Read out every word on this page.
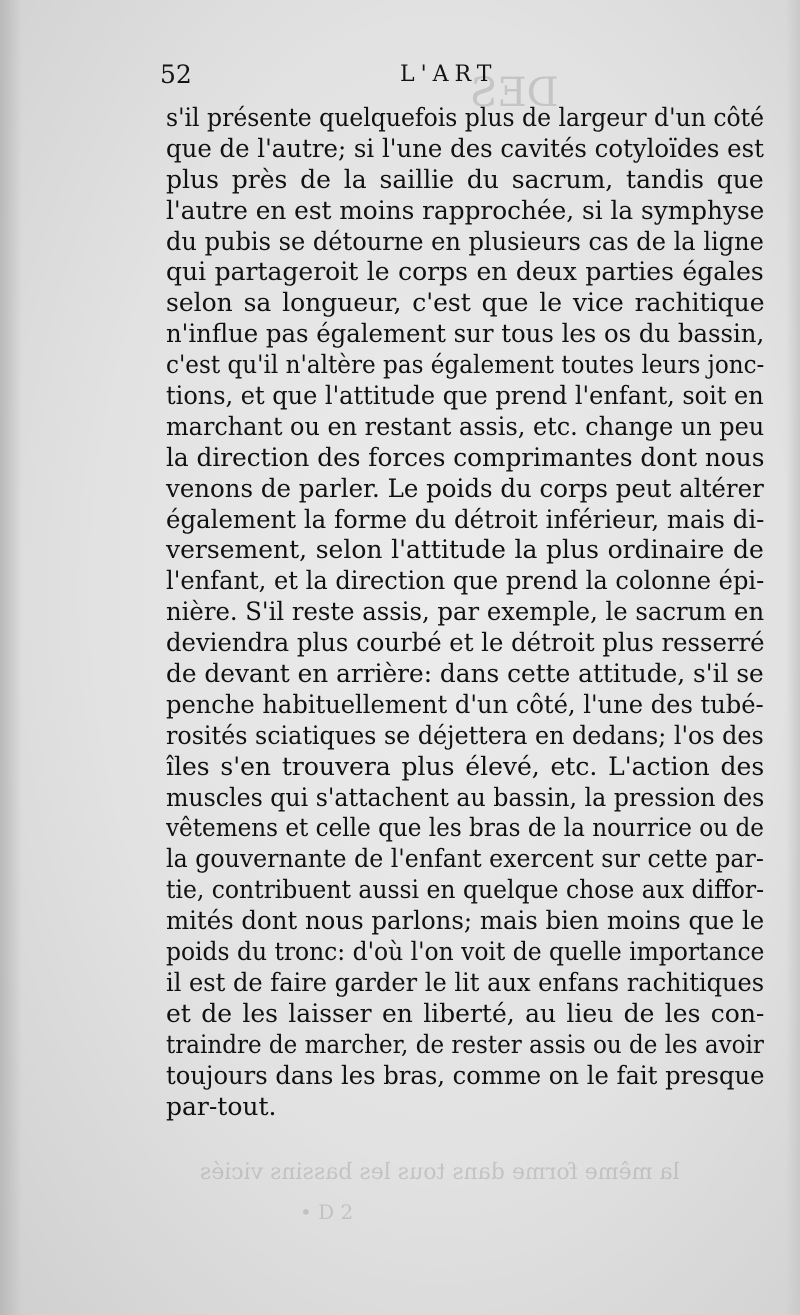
DES
la même forme dans tous les bassins viciés
• D 2
52	L'ART
s'il présente quelquefois plus de largeur d'un côté
que de l'autre; si l'une des cavités cotyloïdes est
plus près de la saillie du sacrum, tandis que
l'autre en est moins rapprochée, si la symphyse
du pubis se détourne en plusieurs cas de la ligne
qui partageroit le corps en deux parties égales
selon sa longueur, c'est que le vice rachitique
n'influe pas également sur tous les os du bassin,
c'est qu'il n'altère pas également toutes leurs jonc-
tions, et que l'attitude que prend l'enfant, soit en
marchant ou en restant assis, etc. change un peu
la direction des forces comprimantes dont nous
venons de parler. Le poids du corps peut altérer
également la forme du détroit inférieur, mais di-
versement, selon l'attitude la plus ordinaire de
l'enfant, et la direction que prend la colonne épi-
nière. S'il reste assis, par exemple, le sacrum en
deviendra plus courbé et le détroit plus resserré
de devant en arrière: dans cette attitude, s'il se
penche habituellement d'un côté, l'une des tubé-
rosités sciatiques se déjettera en dedans; l'os des
îles s'en trouvera plus élevé, etc. L'action des
muscles qui s'attachent au bassin, la pression des
vêtemens et celle que les bras de la nourrice ou de
la gouvernante de l'enfant exercent sur cette par-
tie, contribuent aussi en quelque chose aux diffor-
mités dont nous parlons; mais bien moins que le
poids du tronc: d'où l'on voit de quelle importance
il est de faire garder le lit aux enfans rachitiques
et de les laisser en liberté, au lieu de les con-
traindre de marcher, de rester assis ou de les avoir
toujours dans les bras, comme on le fait presque
par-tout.
